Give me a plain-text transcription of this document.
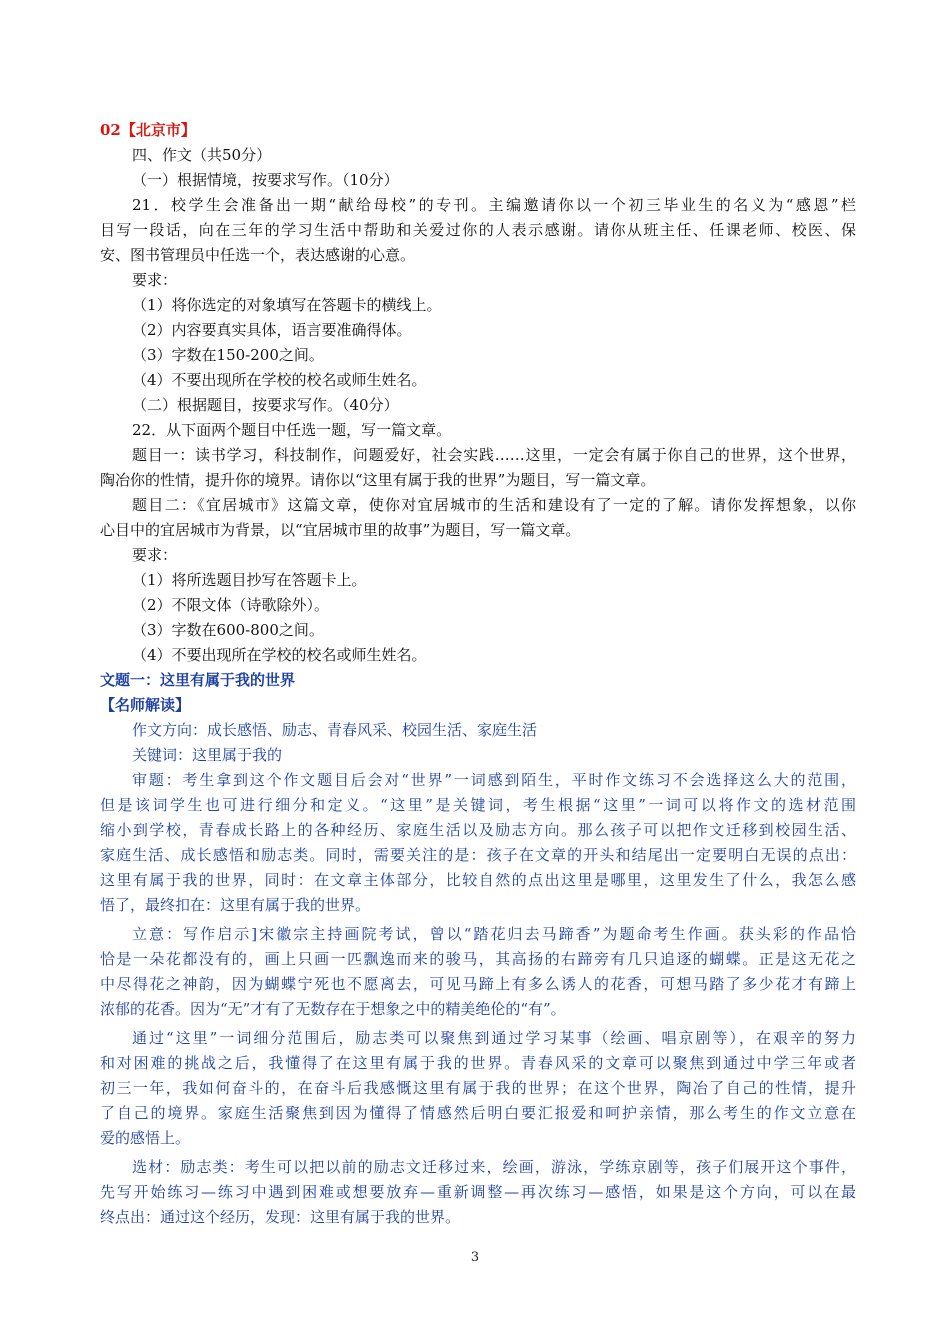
02【北京市】
四、作文（共50分）
（一）根据情境，按要求写作。（10分）
21．校学生会准备出一期“献给母校”的专刊。主编邀请你以一个初三毕业生的名义为“感恩”栏
目写一段话，向在三年的学习生活中帮助和关爱过你的人表示感谢。请你从班主任、任课老师、校医、保
安、图书管理员中任选一个，表达感谢的心意。
要求：
（1）将你选定的对象填写在答题卡的横线上。
（2）内容要真实具体，语言要准确得体。
（3）字数在150-200之间。
（4）不要出现所在学校的校名或师生姓名。
（二）根据题目，按要求写作。（40分）
22．从下面两个题目中任选一题，写一篇文章。
题目一：读书学习，科技制作，问题爱好，社会实践……这里，一定会有属于你自己的世界，这个世界，
陶冶你的性情，提升你的境界。请你以“这里有属于我的世界”为题目，写一篇文章。
题目二：《宜居城市》这篇文章，使你对宜居城市的生活和建设有了一定的了解。请你发挥想象，以你
心目中的宜居城市为背景，以“宜居城市里的故事”为题目，写一篇文章。
要求：
（1）将所选题目抄写在答题卡上。
（2）不限文体（诗歌除外）。
（3）字数在600-800之间。
（4）不要出现所在学校的校名或师生姓名。
文题一：这里有属于我的世界
【名师解读】
作文方向：成长感悟、励志、青春风采、校园生活、家庭生活
关键词：这里属于我的
审题：考生拿到这个作文题目后会对“世界”一词感到陌生，平时作文练习不会选择这么大的范围，
但是该词学生也可进行细分和定义。“这里”是关键词，考生根据“这里”一词可以将作文的选材范围
缩小到学校，青春成长路上的各种经历、家庭生活以及励志方向。那么孩子可以把作文迁移到校园生活、
家庭生活、成长感悟和励志类。同时，需要关注的是：孩子在文章的开头和结尾出一定要明白无误的点出：
这里有属于我的世界，同时：在文章主体部分，比较自然的点出这里是哪里，这里发生了什么，我怎么感
悟了，最终扣在：这里有属于我的世界。
立意：写作启示]宋徽宗主持画院考试，曾以“踏花归去马蹄香”为题命考生作画。获头彩的作品恰
恰是一朵花都没有的，画上只画一匹飘逸而来的骏马，其高扬的右蹄旁有几只追逐的蝴蝶。正是这无花之
中尽得花之神韵，因为蝴蝶宁死也不愿离去，可见马蹄上有多么诱人的花香，可想马踏了多少花才有蹄上
浓郁的花香。因为“无”才有了无数存在于想象之中的精美绝伦的“有”。
通过“这里”一词细分范围后，励志类可以聚焦到通过学习某事（绘画、唱京剧等），在艰辛的努力
和对困难的挑战之后，我懂得了在这里有属于我的世界。青春风采的文章可以聚焦到通过中学三年或者
初三一年，我如何奋斗的，在奋斗后我感慨这里有属于我的世界；在这个世界，陶冶了自己的性情，提升
了自己的境界。家庭生活聚焦到因为懂得了情感然后明白要汇报爱和呵护亲情，那么考生的作文立意在
爱的感悟上。
选材：励志类：考生可以把以前的励志文迁移过来，绘画，游泳，学练京剧等，孩子们展开这个事件，
先写开始练习—练习中遇到困难或想要放弃—重新调整—再次练习—感悟，如果是这个方向，可以在最
终点出：通过这个经历，发现：这里有属于我的世界。
3
